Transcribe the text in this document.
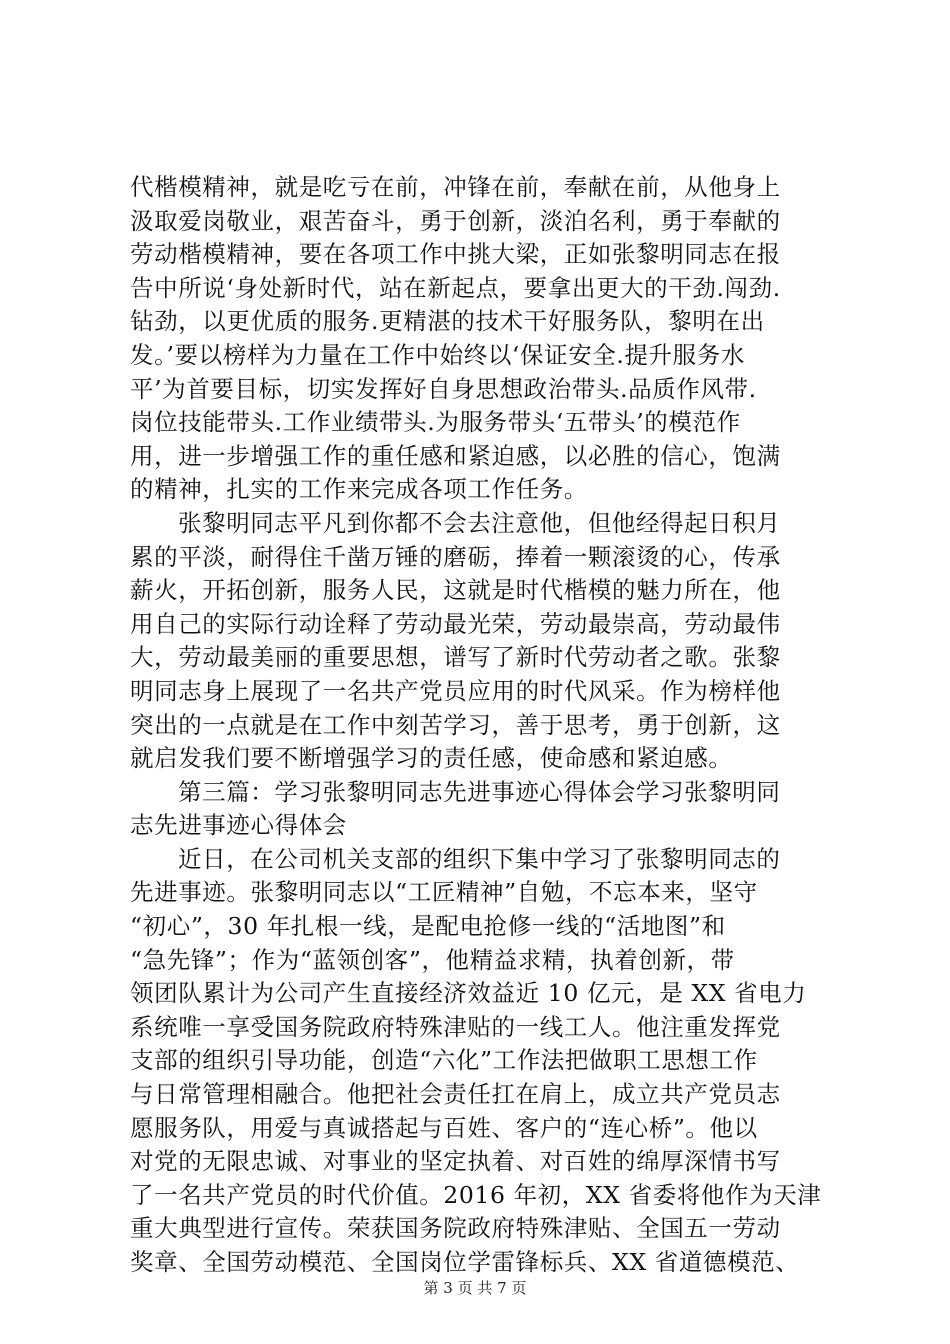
代楷模精神，就是吃亏在前，冲锋在前，奉献在前，从他身上
汲取爱岗敬业，艰苦奋斗，勇于创新，淡泊名利，勇于奉献的
劳动楷模精神，要在各项工作中挑大梁，正如张黎明同志在报
告中所说‘身处新时代，站在新起点，要拿出更大的干劲.闯劲.
钻劲，以更优质的服务.更精湛的技术干好服务队，黎明在出
发。’要以榜样为力量在工作中始终以‘保证安全.提升服务水
平’为首要目标，切实发挥好自身思想政治带头.品质作风带.
岗位技能带头.工作业绩带头.为服务带头‘五带头’的模范作
用，进一步增强工作的重任感和紧迫感，以必胜的信心，饱满
的精神，扎实的工作来完成各项工作任务。
张黎明同志平凡到你都不会去注意他，但他经得起日积月
累的平淡，耐得住千凿万锤的磨砺，捧着一颗滚烫的心，传承
薪火，开拓创新，服务人民，这就是时代楷模的魅力所在，他
用自己的实际行动诠释了劳动最光荣，劳动最崇高，劳动最伟
大，劳动最美丽的重要思想，谱写了新时代劳动者之歌。张黎
明同志身上展现了一名共产党员应用的时代风采。作为榜样他
突出的一点就是在工作中刻苦学习，善于思考，勇于创新，这
就启发我们要不断增强学习的责任感，使命感和紧迫感。
第三篇：学习张黎明同志先进事迹心得体会学习张黎明同
志先进事迹心得体会
近日，在公司机关支部的组织下集中学习了张黎明同志的
先进事迹。张黎明同志以“工匠精神”自勉，不忘本来，坚守
“初心”，30 年扎根一线，是配电抢修一线的“活地图”和
“急先锋”；作为“蓝领创客”，他精益求精，执着创新，带
领团队累计为公司产生直接经济效益近 10 亿元，是 XX 省电力
系统唯一享受国务院政府特殊津贴的一线工人。他注重发挥党
支部的组织引导功能，创造“六化”工作法把做职工思想工作
与日常管理相融合。他把社会责任扛在肩上，成立共产党员志
愿服务队，用爱与真诚搭起与百姓、客户的“连心桥”。他以
对党的无限忠诚、对事业的坚定执着、对百姓的绵厚深情书写
了一名共产党员的时代价值。2016 年初，XX 省委将他作为天津
重大典型进行宣传。荣获国务院政府特殊津贴、全国五一劳动
奖章、全国劳动模范、全国岗位学雷锋标兵、XX 省道德模范、
第 3 页 共 7 页
